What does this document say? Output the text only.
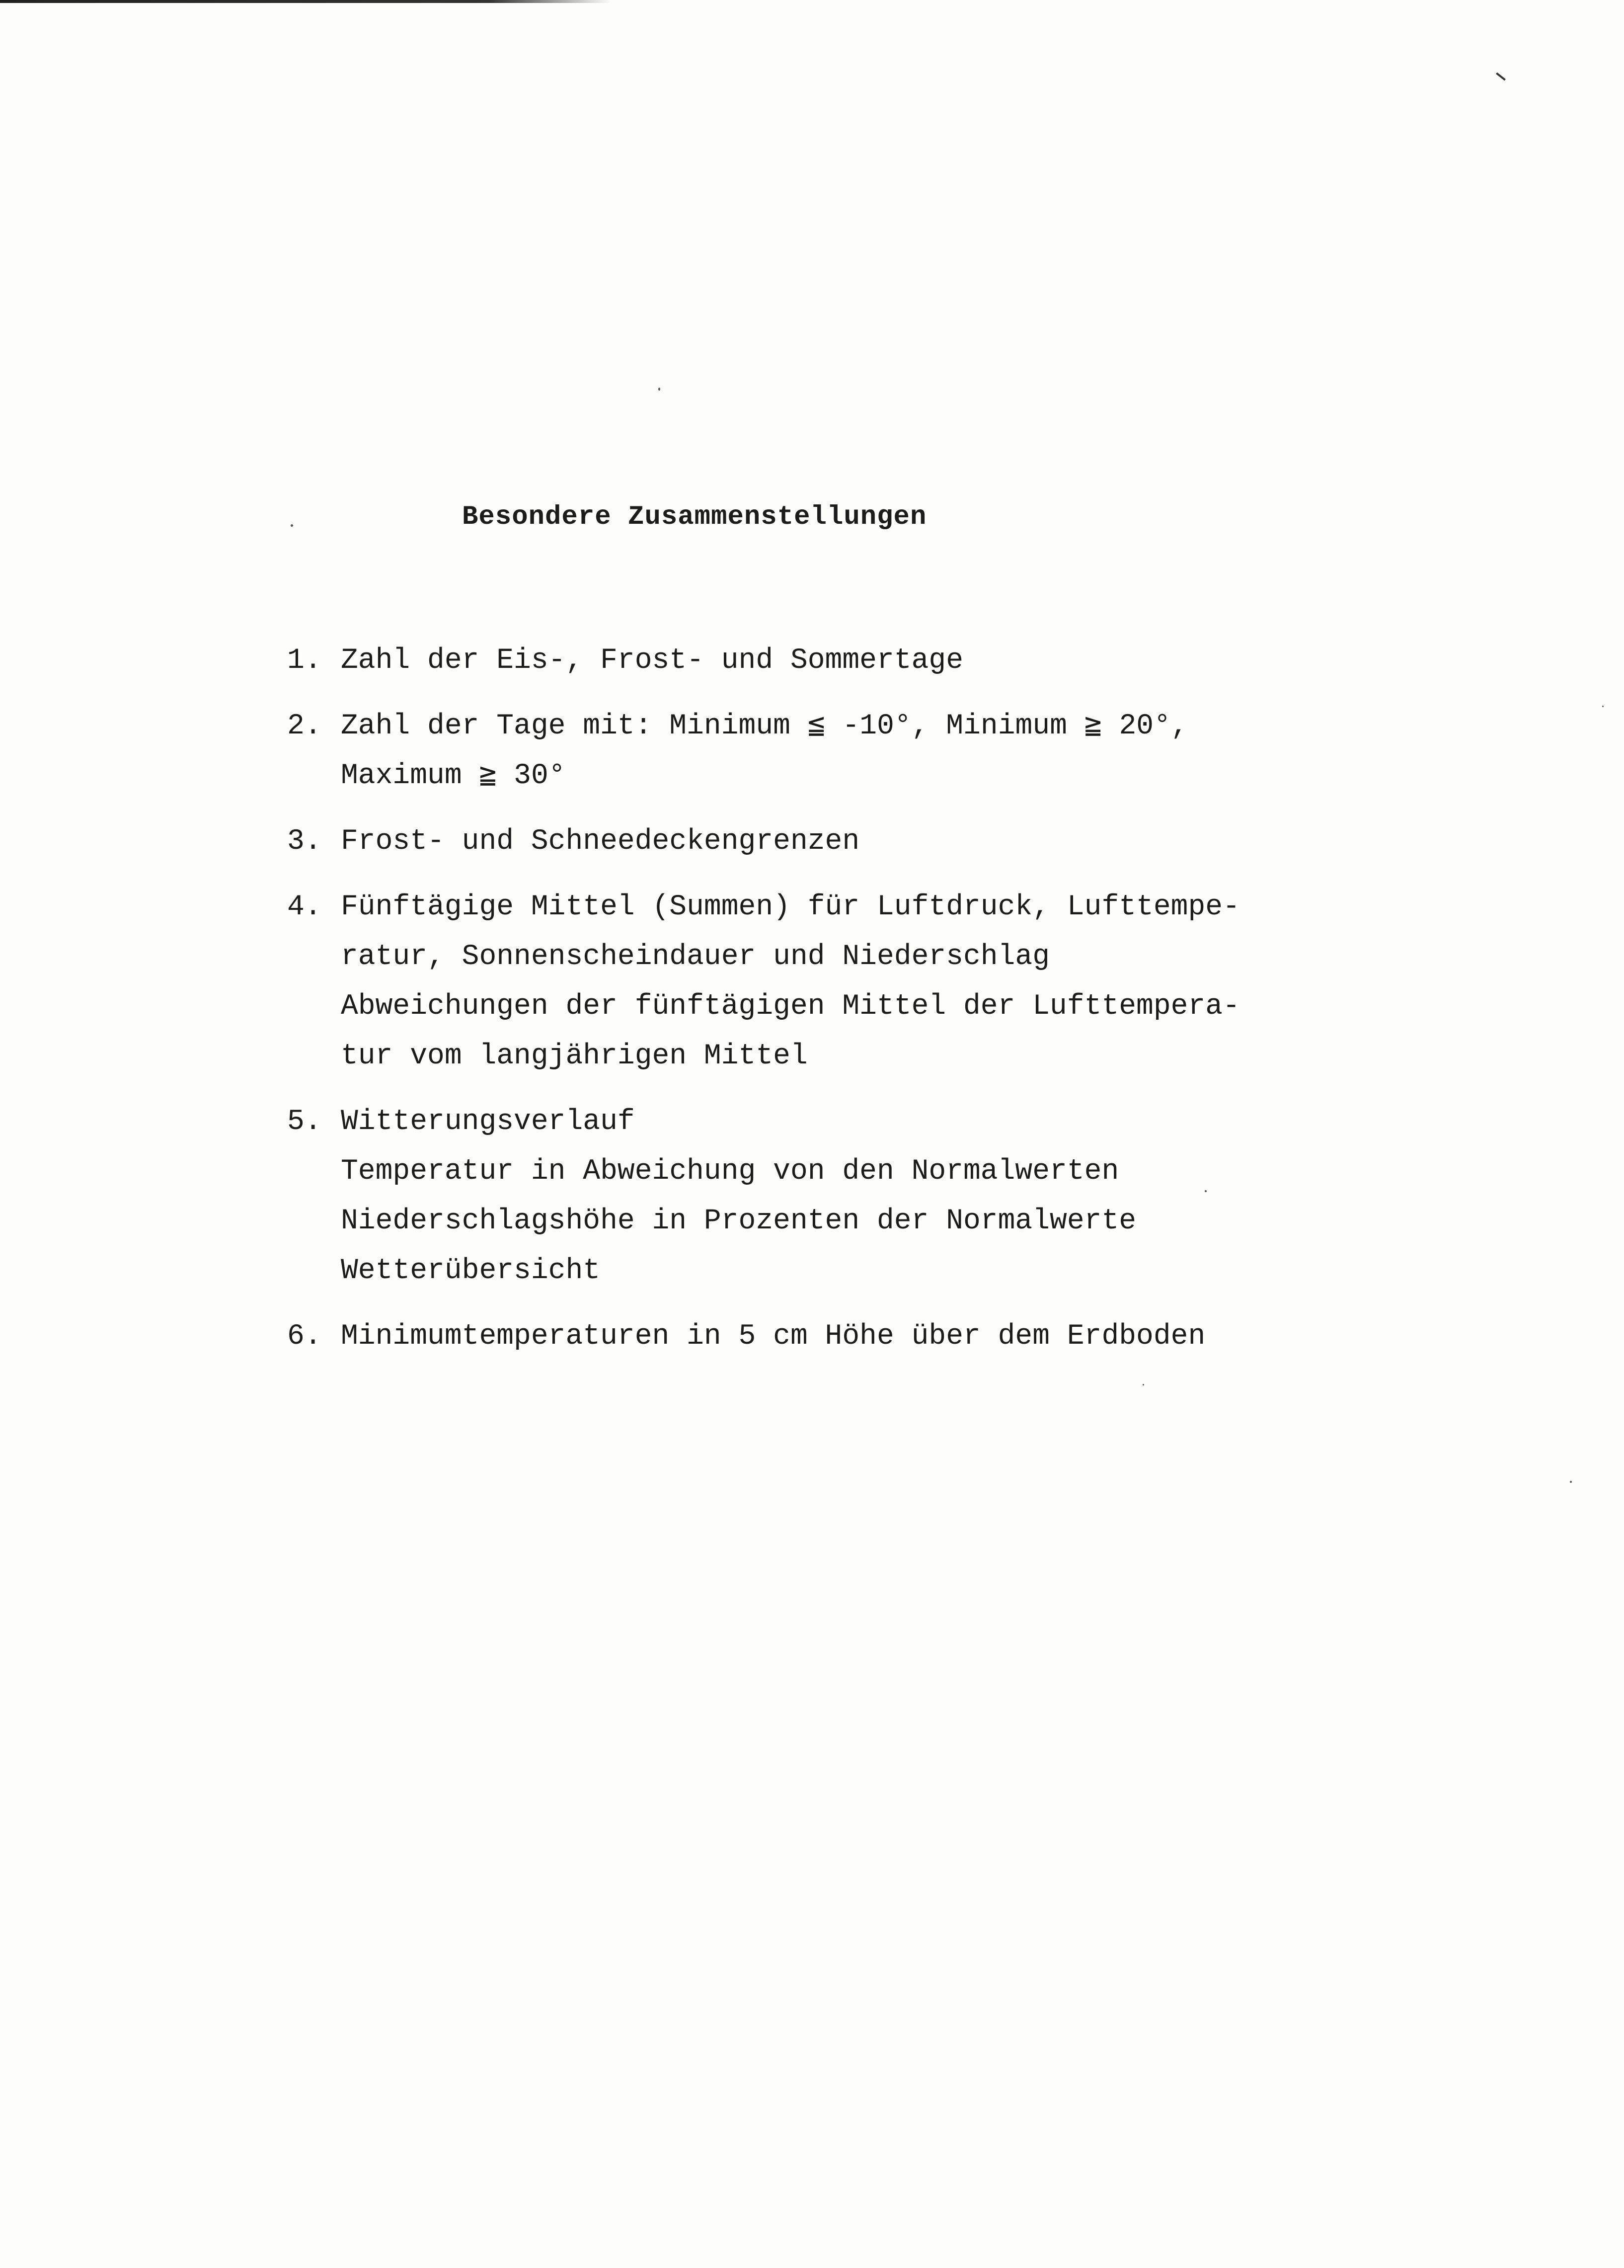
Besondere Zusammenstellungen
1. Zahl der Eis-, Frost- und Sommertage
2. Zahl der Tage mit: Minimum ≦ -10°, Minimum ≧ 20°,
Maximum ≧ 30°
3. Frost- und Schneedeckengrenzen
4. Fünftägige Mittel (Summen) für Luftdruck, Lufttempe-
ratur, Sonnenscheindauer und Niederschlag
Abweichungen der fünftägigen Mittel der Lufttempera-
tur vom langjährigen Mittel
5. Witterungsverlauf
Temperatur in Abweichung von den Normalwerten
Niederschlagshöhe in Prozenten der Normalwerte
Wetterübersicht
6. Minimumtemperaturen in 5 cm Höhe über dem Erdboden
